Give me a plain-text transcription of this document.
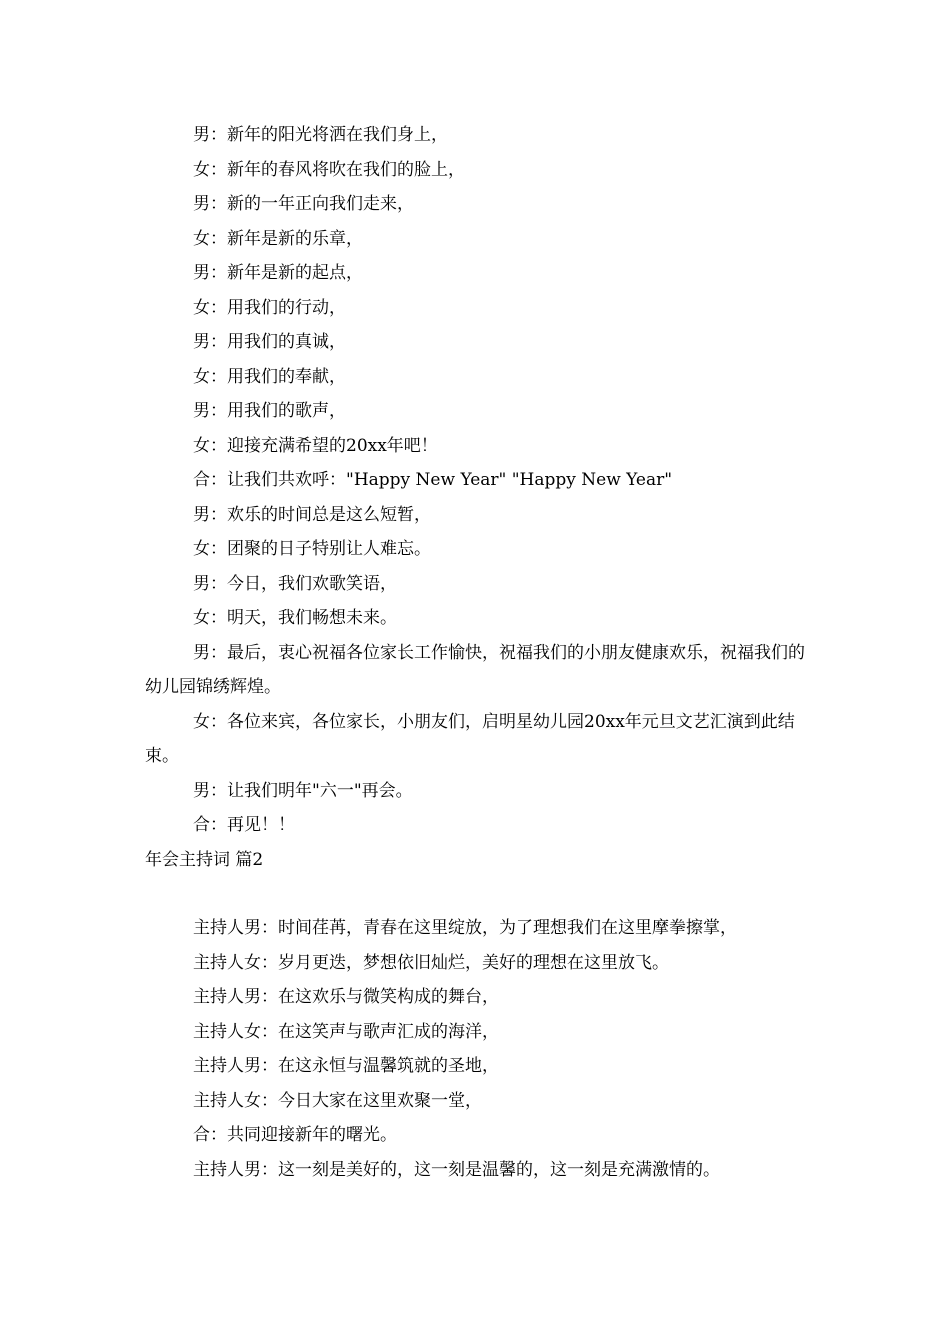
男：新年的阳光将洒在我们身上，
女：新年的春风将吹在我们的脸上，
男：新的一年正向我们走来，
女：新年是新的乐章，
男：新年是新的起点，
女：用我们的行动，
男：用我们的真诚，
女：用我们的奉献，
男：用我们的歌声，
女：迎接充满希望的20xx年吧！
合：让我们共欢呼："Happy New Year" "Happy New Year"
男：欢乐的时间总是这么短暂，
女：团聚的日子特别让人难忘。
男：今日，我们欢歌笑语，
女：明天，我们畅想未来。
男：最后，衷心祝福各位家长工作愉快，祝福我们的小朋友健康欢乐，祝福我们的幼儿园锦绣辉煌。
女：各位来宾，各位家长，小朋友们，启明星幼儿园20xx年元旦文艺汇演到此结束。
男：让我们明年"六一"再会。
合：再见！！
年会主持词 篇2
主持人男：时间荏苒，青春在这里绽放，为了理想我们在这里摩拳擦掌，
主持人女：岁月更迭，梦想依旧灿烂，美好的理想在这里放飞。
主持人男：在这欢乐与微笑构成的舞台，
主持人女：在这笑声与歌声汇成的海洋，
主持人男：在这永恒与温馨筑就的圣地，
主持人女：今日大家在这里欢聚一堂，
合：共同迎接新年的曙光。
主持人男：这一刻是美好的，这一刻是温馨的，这一刻是充满激情的。
